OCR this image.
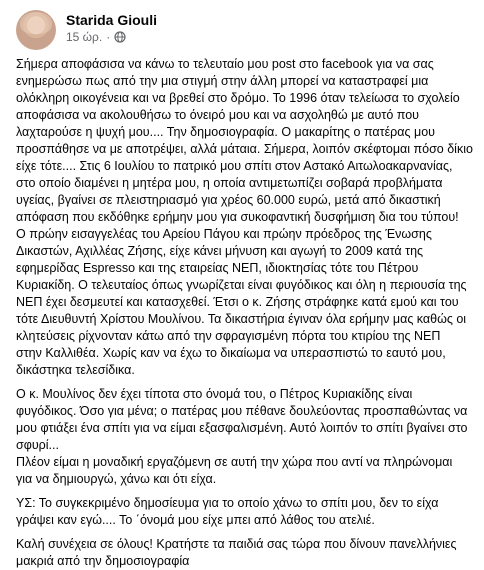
Starida Giouli
15 ώρ. ·
Σήμερα αποφάσισα να κάνω το τελευταίο μου post στο facebook για να σας
ενημερώσω πως από την μια στιγμή στην άλλη μπορεί να καταστραφεί μια
ολόκληρη οικογένεια και να βρεθεί στο δρόμο. Το 1996 όταν τελείωσα το σχολείο
αποφάσισα να ακολουθήσω το όνειρό μου και να ασχοληθώ με αυτό που
λαχταρούσε η ψυχή μου.... Την δημοσιογραφία. Ο μακαρίτης ο πατέρας μου
προσπάθησε να με αποτρέψει, αλλά μάταια. Σήμερα, λοιπόν σκέφτομαι πόσο δίκιο
είχε τότε.... Στις 6 Ιουλίου το πατρικό μου σπίτι στον Αστακό Αιτωλοακαρνανίας,
στο οποίο διαμένει η μητέρα μου, η οποία αντιμετωπίζει σοβαρά προβλήματα
υγείας, βγαίνει σε πλειστηριασμό για χρέος 60.000 ευρώ, μετά από δικαστική
απόφαση που εκδόθηκε ερήμην μου για συκοφαντική δυσφήμιση δια του τύπου!
Ο πρώην εισαγγελέας του Αρείου Πάγου και πρώην πρόεδρος της Ένωσης
Δικαστών, Αχιλλέας Ζήσης, είχε κάνει μήνυση και αγωγή το 2009 κατά της
εφημερίδας Espresso και της εταιρείας ΝΕΠ, ιδιοκτησίας τότε του Πέτρου
Κυριακίδη. Ο τελευταίος όπως γνωρίζεται είναι φυγόδικος και όλη η περιουσία της
ΝΕΠ έχει δεσμευτεί και κατασχεθεί. Έτσι ο κ. Ζήσης στράφηκε κατά εμού και του
τότε Διευθυντή Χρίστου Μουλίνου. Τα δικαστήρια έγιναν όλα ερήμην μας καθώς οι
κλητεύσεις ρίχνονταν κάτω από την σφραγισμένη πόρτα του κτιρίου της ΝΕΠ
στην Καλλιθέα. Χωρίς καν να έχω το δικαίωμα να υπερασπιστώ το εαυτό μου,
δικάστηκα τελεσίδικα.
Ο κ. Μουλίνος δεν έχει τίποτα στο όνομά του, ο Πέτρος Κυριακίδης είναι
φυγόδικος. Όσο για μένα; ο πατέρας μου πέθανε δουλεύοντας προσπαθώντας να
μου φτιάξει ένα σπίτι για να είμαι εξασφαλισμένη. Αυτό λοιπόν το σπίτι βγαίνει στο
σφυρί...
Πλέον είμαι η μοναδική εργαζόμενη σε αυτή την χώρα που αντί να πληρώνομαι
για να δημιουργώ, χάνω και ότι είχα.
ΥΣ: Το συγκεκριμένο δημοσίευμα για το οποίο χάνω το σπίτι μου, δεν το είχα
γράψει καν εγώ.... Το ΄όνομά μου είχε μπει από λάθος του ατελιέ.
Καλή συνέχεια σε όλους! Κρατήστε τα παιδιά σας τώρα που δίνουν πανελλήνιες
μακριά από την δημοσιογραφία
